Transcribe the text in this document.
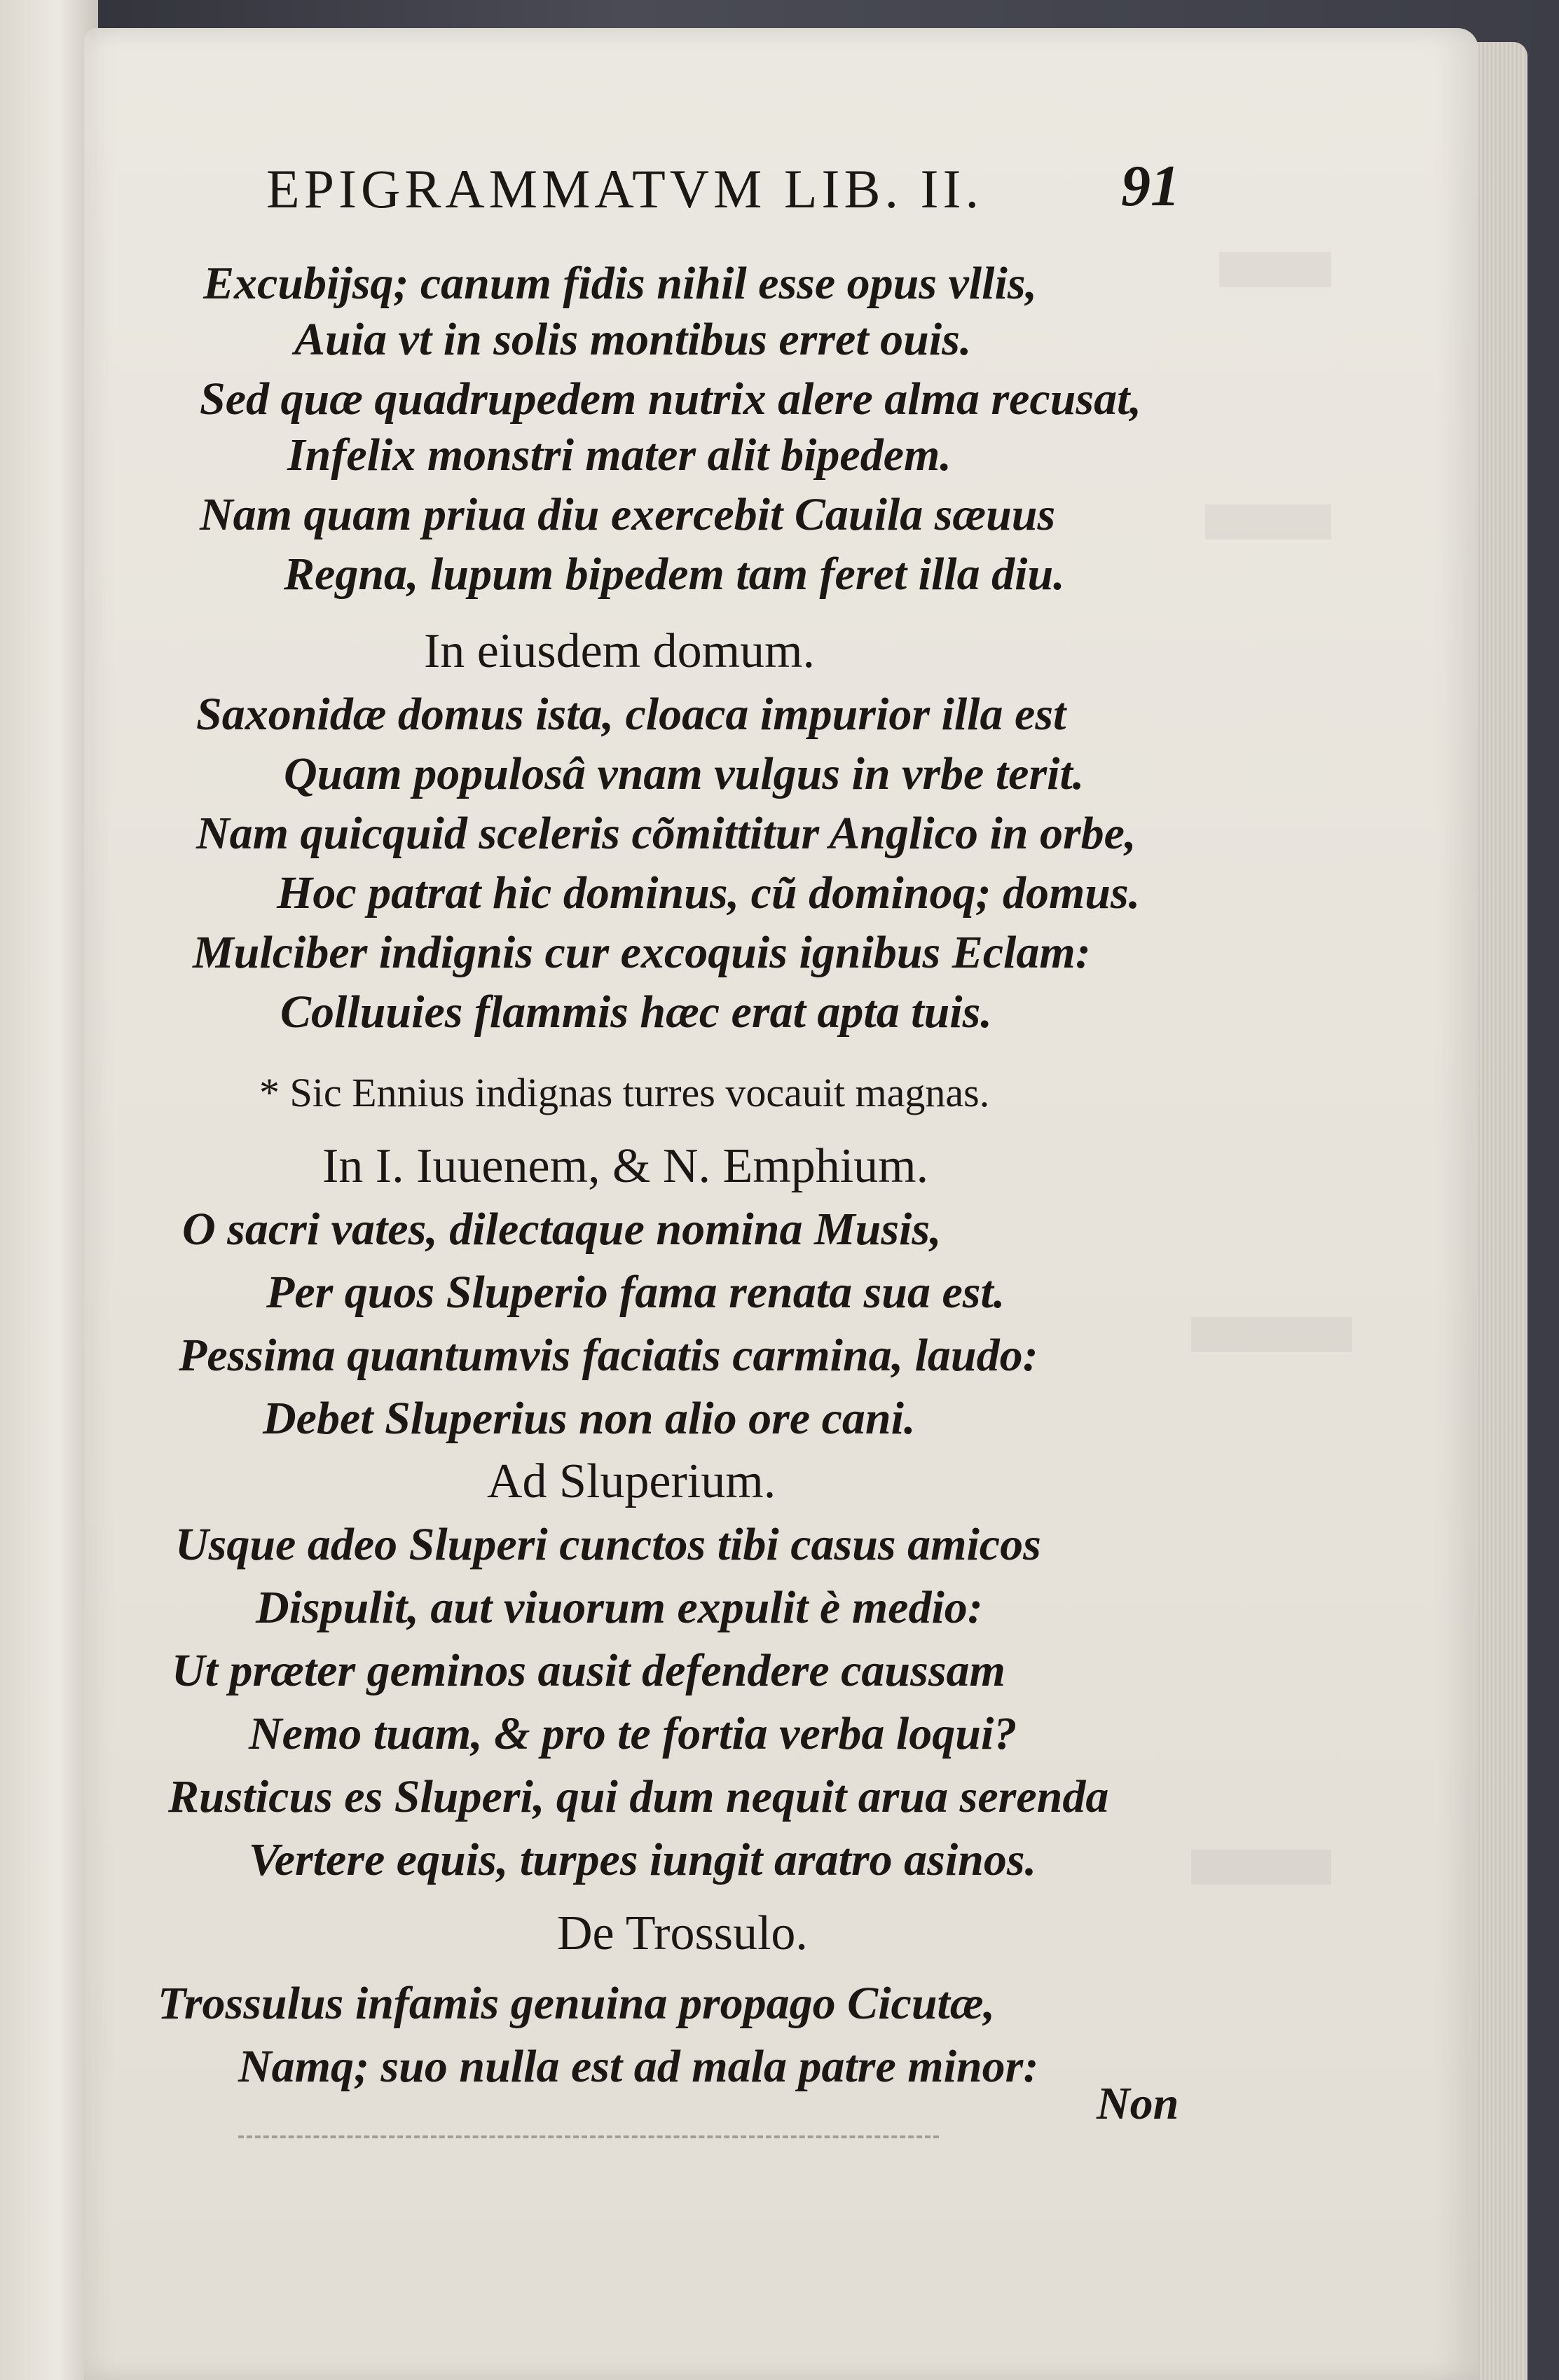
EPIGRAMMATVM LIB. II. 91
Excubijsq; canum fidis nihil esse opus vllis,
Auia vt in solis montibus erret ouis.
Sed quæ quadrupedem nutrix alere alma recusat,
Infelix monstri mater alit bipedem.
Nam quam priua diu exercebit Cauila sæuus
Regna, lupum bipedem tam feret illa diu.
In eiusdem domum.
Saxonidæ domus ista, cloaca impurior illa est
Quam populosâ vnam vulgus in vrbe terit.
Nam quicquid sceleris cõmittitur Anglico in orbe,
Hoc patrat hic dominus, cũ dominoq; domus.
Mulciber indignis cur excoquis ignibus Eclam:
Colluuies flammis hæc erat apta tuis.
* Sic Ennius indignas turres vocauit magnas.
In I. Iuuenem, & N. Emphium.
O sacri vates, dilectaque nomina Musis,
Per quos Sluperio fama renata sua est.
Pessima quantumvis faciatis carmina, laudo:
Debet Sluperius non alio ore cani.
Ad Sluperium.
Usque adeo Sluperi cunctos tibi casus amicos
Dispulit, aut viuorum expulit è medio:
Ut præter geminos ausit defendere caussam
Nemo tuam, & pro te fortia verba loqui?
Rusticus es Sluperi, qui dum nequit arua serenda
Vertere equis, turpes iungit aratro asinos.
De Trossulo.
Trossulus infamis genuina propago Cicutæ,
Namq; suo nulla est ad mala patre minor:
Non
